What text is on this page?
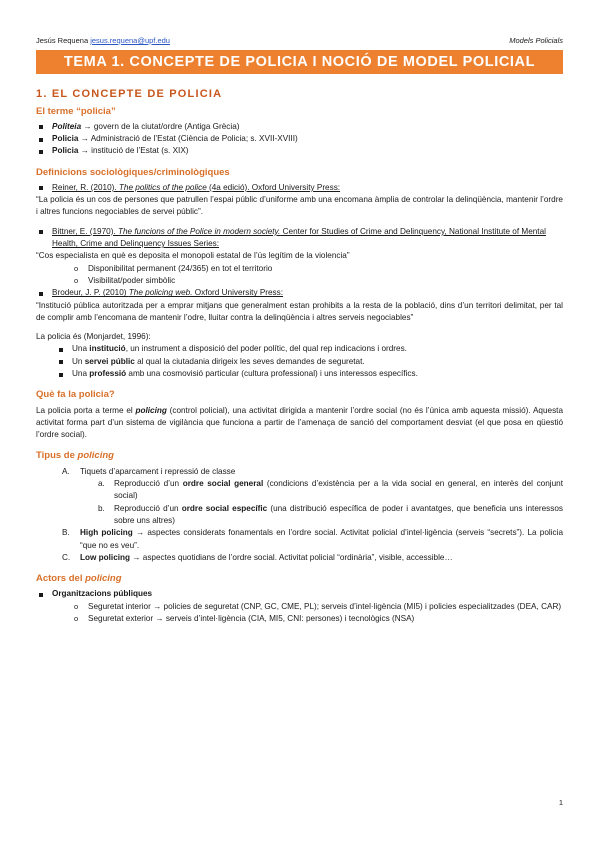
Jesús Requena jesus.requena@upf.edu	Models Policials
TEMA 1. CONCEPTE DE POLICIA I NOCIÓ DE MODEL POLICIAL
1. EL CONCEPTE DE POLICIA
El terme “policia”
Politeia → govern de la ciutat/ordre (Antiga Grècia)
Policia → Administració de l’Estat (Ciència de Policia; s. XVII-XVIII)
Policia → institució de l’Estat (s. XIX)
Definicions sociològiques/criminològiques
Reiner, R. (2010). The politics of the police (4a edició). Oxford University Press:

“La policia és un cos de persones que patrullen l’espai públic d’uniforme amb una encomana àmplia de controlar la delinqüència, mantenir l’ordre i altres funcions negociables de servei públic”.

Bittner, E. (1970). The funcions of the Police in modern society. Center for Studies of Crime and Delinquency, National Institute of Mental Health, Crime and Delinquency Issues Series:

“Cos especialista en què es deposita el monopoli estatal de l’ús legítim de la violencia”

o Disponibilitat permanent (24/365) en tot el territorio
o Visibilitat/poder simbòlic
Brodeur, J. P. (2010) The policing web. Oxford University Press:

“Institució pública autoritzada per a emprar mitjans que generalment estan prohibits a la resta de la població, dins d’un territori delimitat, per tal de complir amb l’encomana de mantenir l’odre, lluitar contra la delinqüència i altres serveis negociables”

La policia és (Monjardet, 1996):

Una institució, un instrument a disposició del poder polític, del qual rep indicacions i ordres.
Un servei públic al qual la ciutadania dirigeix les seves demandes de seguretat.
Una professió amb una cosmovisió particular (cultura professional) i uns interessos específics.
Què fa la policia?

La policia porta a terme el policing (control policial), una activitat dirigida a mantenir l’ordre social (no és l’única amb aquesta missió). Aquesta activitat forma part d’un sistema de vigilància que funciona a partir de l’amenaça de sanció del comportament desviat (el que posa en qüestió l’ordre social).

Tipus de policing
A. Tiquets d’aparcament i repressió de classe
a. Reproducció d’un ordre social general (condicions d’existència per a la vida social en general, en interès del conjunt social)
b. Reproducció d’un ordre social específic (una distribució específica de poder i avantatges, que beneficia uns interessos sobre uns altres)
B. High policing → aspectes considerats fonamentals en l’ordre social. Activitat policial d’intel·ligència (serveis “secrets”). La policia “que no es veu”.
C. Low policing → aspectes quotidians de l’ordre social. Activitat policial “ordinària”, visible, accessible…
Actors del policing
Organitzacions públiques
o Seguretat interior → policies de seguretat (CNP, GC, CME, PL); serveis d’intel·ligència (MI5) i policies especialitzades (DEA, CAR)
o Seguretat exterior → serveis d’intel·ligència (CIA, MI5, CNI: persones) i tecnològics (NSA)
1
